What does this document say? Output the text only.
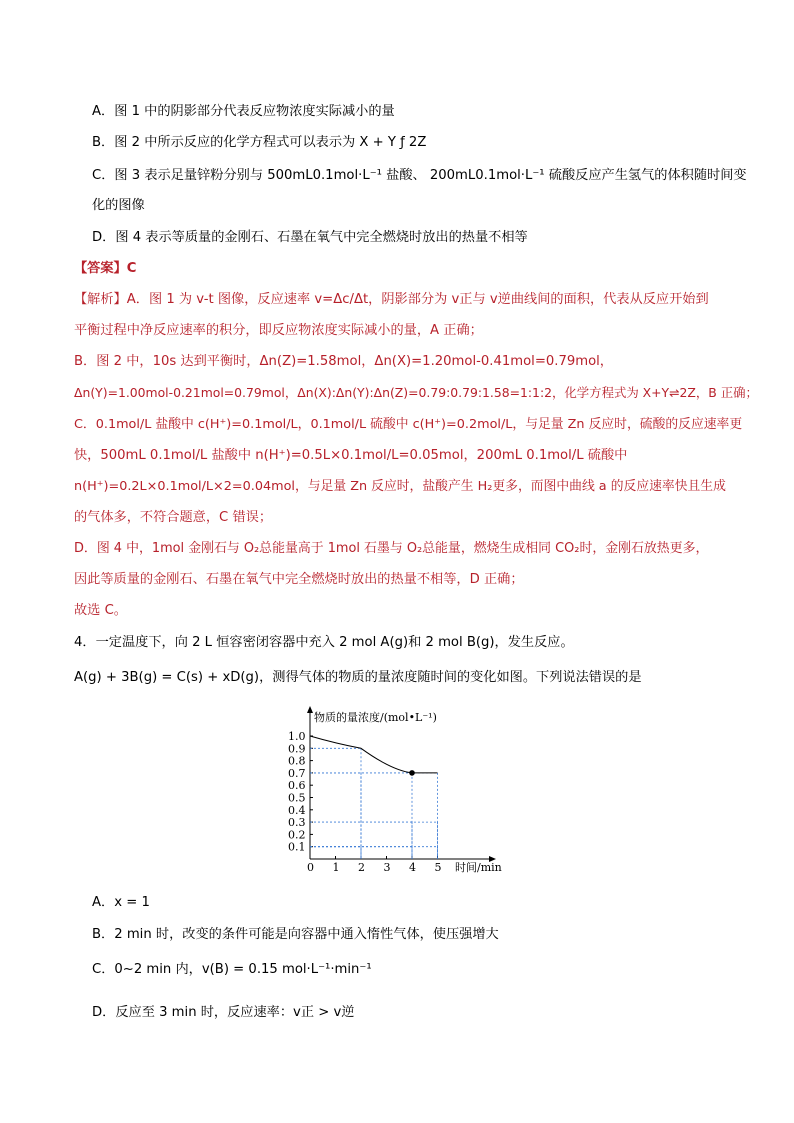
A．图 1 中的阴影部分代表反应物浓度实际减小的量
B．图 2 中所示反应的化学方程式可以表示为 X + Y ƒ 2Z
C．图 3 表示足量锌粉分别与 500mL0.1mol·L⁻¹ 盐酸、 200mL0.1mol·L⁻¹ 硫酸反应产生氢气的体积随时间变
化的图像
D．图 4 表示等质量的金刚石、石墨在氧气中完全燃烧时放出的热量不相等
【答案】C
【解析】A．图 1 为 v-t 图像，反应速率 v=Δc/Δt，阴影部分为 v正与 v逆曲线间的面积，代表从反应开始到
平衡过程中净反应速率的积分，即反应物浓度实际减小的量，A 正确；
B．图 2 中，10s 达到平衡时，Δn(Z)=1.58mol，Δn(X)=1.20mol-0.41mol=0.79mol，
Δn(Y)=1.00mol-0.21mol=0.79mol，Δn(X):Δn(Y):Δn(Z)=0.79:0.79:1.58=1:1:2，化学方程式为 X+Y⇌2Z，B 正确；
C．0.1mol/L 盐酸中 c(H⁺)=0.1mol/L，0.1mol/L 硫酸中 c(H⁺)=0.2mol/L，与足量 Zn 反应时，硫酸的反应速率更
快，500mL 0.1mol/L 盐酸中 n(H⁺)=0.5L×0.1mol/L=0.05mol，200mL 0.1mol/L 硫酸中
n(H⁺)=0.2L×0.1mol/L×2=0.04mol，与足量 Zn 反应时，盐酸产生 H₂更多，而图中曲线 a 的反应速率快且生成
的气体多，不符合题意，C 错误；
D．图 4 中，1mol 金刚石与 O₂总能量高于 1mol 石墨与 O₂总能量，燃烧生成相同 CO₂时，金刚石放热更多，
因此等质量的金刚石、石墨在氧气中完全燃烧时放出的热量不相等，D 正确；
故选 C。
4．一定温度下，向 2 L 恒容密闭容器中充入 2 mol A(g)和 2 mol B(g)，发生反应。
A(g) + 3B(g) = C(s) + xD(g)，测得气体的物质的量浓度随时间的变化如图。下列说法错误的是
物质的量浓度/(mol•L⁻¹)
时间/min
0 1 2 3 4 5
0.1
0.2
0.3
0.4
0.5
0.6
0.7
0.8
0.9
1.0
A．x = 1
B．2 min 时，改变的条件可能是向容器中通入惰性气体，使压强增大
C．0~2 min 内，v(B) = 0.15 mol·L⁻¹·min⁻¹
D．反应至 3 min 时，反应速率：v正 > v逆
